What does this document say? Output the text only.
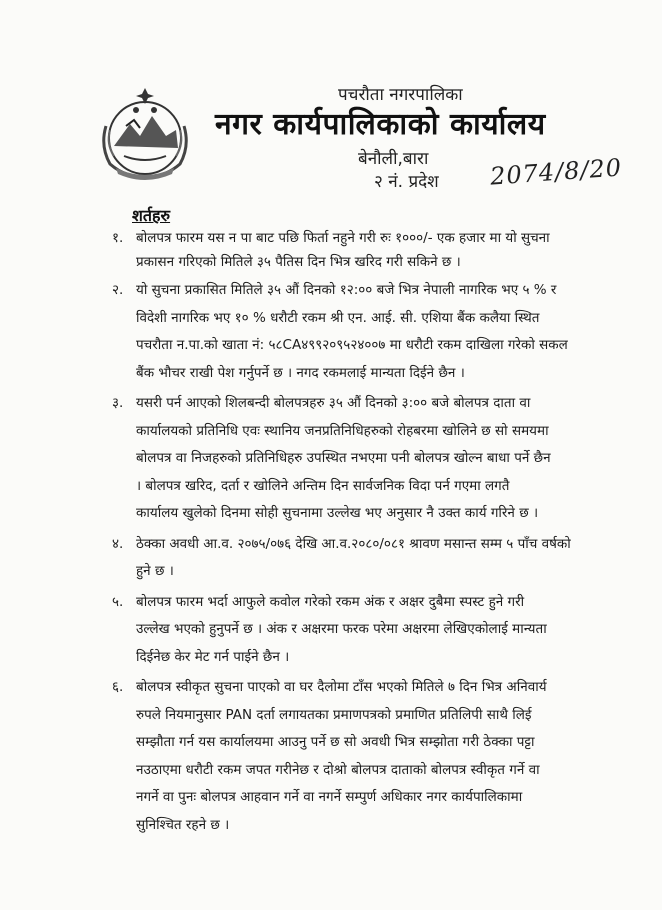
पचरौता नगरपालिका
नगर कार्यपालिकाको कार्यालय
बेनौली,बारा
२ नं. प्रदेश 2074/8/20
शर्तहरु
१. बोलपत्र फारम यस न पा बाट पछि फिर्ता नहुने गरी रुः १०००/- एक हजार मा यो सुचना
प्रकासन गरिएको मितिले ३५ पैतिस दिन भित्र खरिद गरी सकिने छ ।
२. यो सुचना प्रकासित मितिले ३५ औं दिनको १२:०० बजे भित्र नेपाली नागरिक भए ५ % र
विदेशी नागरिक भए १० % धरौटी रकम श्री एन. आई. सी. एशिया बैंक कलैया स्थित
पचरौता न.पा.को खाता नं: ५८CA४९९२०९५२४००७ मा धरौटी रकम दाखिला गरेको सकल
बैंक भौचर राखी पेश गर्नुपर्ने छ । नगद रकमलाई मान्यता दिईने छैन ।
३. यसरी पर्न आएको शिलबन्दी बोलपत्रहरु ३५ औं दिनको ३:०० बजे बोलपत्र दाता वा
कार्यालयको प्रतिनिधि एवः स्थानिय जनप्रतिनिधिहरुको रोहबरमा खोलिने छ सो समयमा
बोलपत्र वा निजहरुको प्रतिनिधिहरु उपस्थित नभएमा पनी बोलपत्र खोल्न बाधा पर्ने छैन
। बोलपत्र खरिद, दर्ता र खोलिने अन्तिम दिन सार्वजनिक विदा पर्न गएमा लगतै
कार्यालय खुलेको दिनमा सोही सुचनामा उल्लेख भए अनुसार नै उक्त कार्य गरिने छ ।
४. ठेक्का अवधी आ.व. २०७५/०७६ देखि आ.व.२०८०/०८१ श्रावण मसान्त सम्म ५ पाँच वर्षको
हुने छ ।
५. बोलपत्र फारम भर्दा आफुले कवोल गरेको रकम अंक र अक्षर दुबैमा स्पस्ट हुने गरी
उल्लेख भएको हुनुपर्ने छ । अंक र अक्षरमा फरक परेमा अक्षरमा लेखिएकोलाई मान्यता
दिईनेछ केर मेट गर्न पाईने छैन ।
६. बोलपत्र स्वीकृत सुचना पाएको वा घर दैलोमा टाँस भएको मितिले ७ दिन भित्र अनिवार्य
रुपले नियमानुसार PAN दर्ता लगायतका प्रमाणपत्रको प्रमाणित प्रतिलिपी साथै लिई
सम्झौता गर्न यस कार्यालयमा आउनु पर्ने छ सो अवधी भित्र सम्झोता गरी ठेक्का पट्टा
नउठाएमा धरौटी रकम जपत गरीनेछ र दोश्रो बोलपत्र दाताको बोलपत्र स्वीकृत गर्ने वा
नगर्ने वा पुनः बोलपत्र आहवान गर्ने वा नगर्ने सम्पुर्ण अधिकार नगर कार्यपालिकामा
सुनिश्चित रहने छ ।
